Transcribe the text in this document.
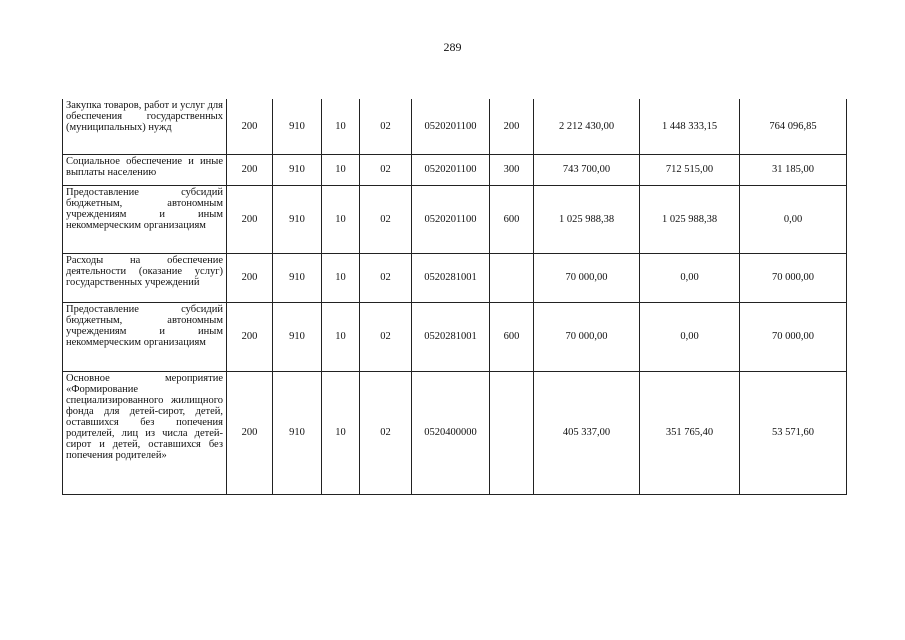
289
Закупка товаров, работ и услуг для обеспечения государственных (муниципальных) нужд	200	910	10	02	0520201100	200	2 212 430,00	1 448 333,15	764 096,85
Социальное обеспечение и иные выплаты населению	200	910	10	02	0520201100	300	743 700,00	712 515,00	31 185,00
Предоставление субсидий бюджетным, автономным учреждениям и иным некоммерческим организациям	200	910	10	02	0520201100	600	1 025 988,38	1 025 988,38	0,00
Расходы на обеспечение деятельности (оказание услуг) государственных учреждений	200	910	10	02	0520281001		70 000,00	0,00	70 000,00
Предоставление субсидий бюджетным, автономным учреждениям и иным некоммерческим организациям	200	910	10	02	0520281001	600	70 000,00	0,00	70 000,00
Основное мероприятие «Формирование специализированного жилищного фонда для детей-сирот, детей, оставшихся без попечения родителей, лиц из числа детей-сирот и детей, оставшихся без попечения родителей»	200	910	10	02	0520400000		405 337,00	351 765,40	53 571,60
